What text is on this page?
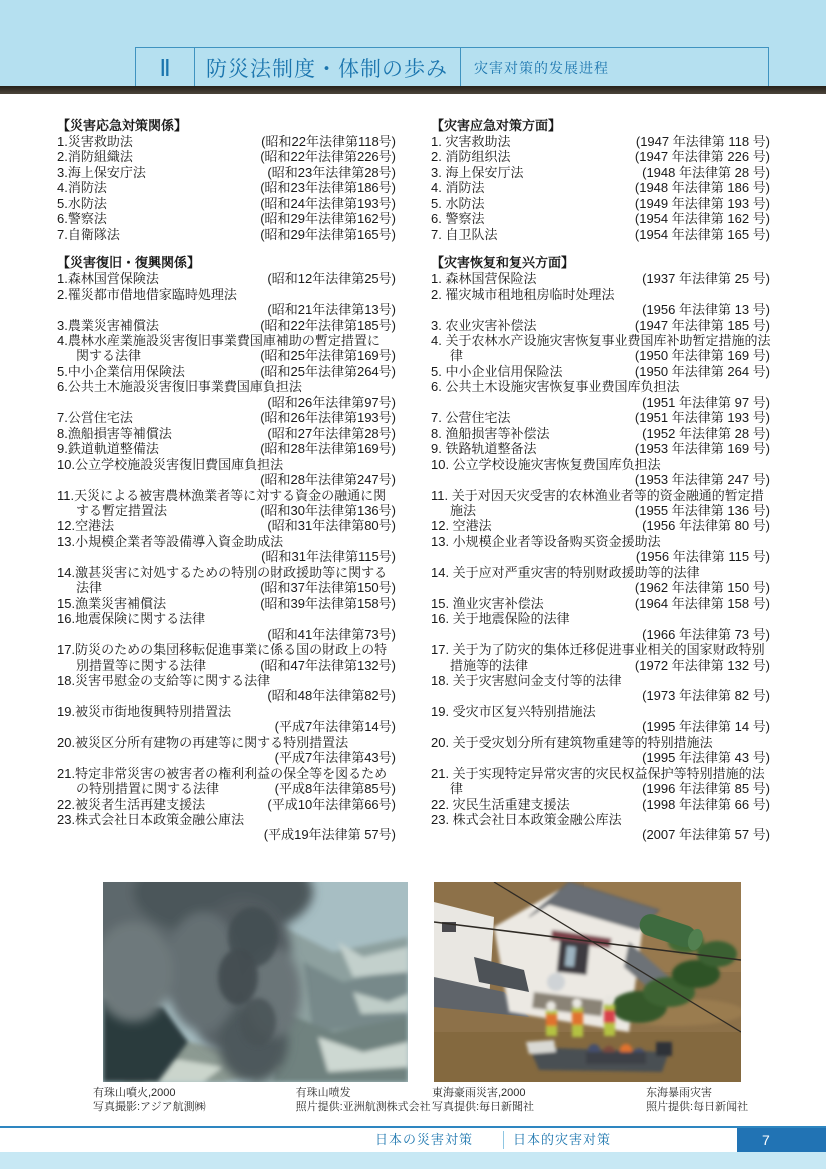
Ⅱ	防災法制度・体制の歩み	灾害对策的发展进程
【災害応急対策関係】
1.災害救助法	(昭和22年法律第118号)
2.消防組織法	(昭和22年法律第226号)
3.海上保安庁法	(昭和23年法律第28号)
4.消防法	(昭和23年法律第186号)
5.水防法	(昭和24年法律第193号)
6.警察法	(昭和29年法律第162号)
7.自衛隊法	(昭和29年法律第165号)
【災害復旧・復興関係】
1.森林国営保険法	(昭和12年法律第25号)
2.罹災都市借地借家臨時処理法
(昭和21年法律第13号)
3.農業災害補償法	(昭和22年法律第185号)
4.農林水産業施設災害復旧事業費国庫補助の暫定措置に
関する法律	(昭和25年法律第169号)
5.中小企業信用保険法	(昭和25年法律第264号)
6.公共土木施設災害復旧事業費国庫負担法
(昭和26年法律第97号)
7.公営住宅法	(昭和26年法律第193号)
8.漁船損害等補償法	(昭和27年法律第28号)
9.鉄道軌道整備法	(昭和28年法律第169号)
10.公立学校施設災害復旧費国庫負担法
(昭和28年法律第247号)
11.天災による被害農林漁業者等に対する資金の融通に関
する暫定措置法	(昭和30年法律第136号)
12.空港法	(昭和31年法律第80号)
13.小規模企業者等設備導入資金助成法
(昭和31年法律第115号)
14.激甚災害に対処するための特別の財政援助等に関する
法律	(昭和37年法律第150号)
15.漁業災害補償法	(昭和39年法律第158号)
16.地震保険に関する法律
(昭和41年法律第73号)
17.防災のための集団移転促進事業に係る国の財政上の特
別措置等に関する法律	(昭和47年法律第132号)
18.災害弔慰金の支給等に関する法律
(昭和48年法律第82号)
19.被災市街地復興特別措置法
(平成7年法律第14号)
20.被災区分所有建物の再建等に関する特別措置法
(平成7年法律第43号)
21.特定非常災害の被害者の権利利益の保全等を図るため
の特別措置に関する法律	(平成8年法律第85号)
22.被災者生活再建支援法	(平成10年法律第66号)
23.株式会社日本政策金融公庫法
(平成19年法律第 57号)
【灾害应急对策方面】
1. 灾害救助法	(1947 年法律第 118 号)
2. 消防组织法	(1947 年法律第 226 号)
3. 海上保安厅法	(1948 年法律第 28 号)
4. 消防法	(1948 年法律第 186 号)
5. 水防法	(1949 年法律第 193 号)
6. 警察法	(1954 年法律第 162 号)
7. 自卫队法	(1954 年法律第 165 号)
【灾害恢复和复兴方面】
1. 森林国营保险法	(1937 年法律第 25 号)
2. 罹灾城市租地租房临时处理法
(1956 年法律第 13 号)
3. 农业灾害补偿法	(1947 年法律第 185 号)
4. 关于农林水产设施灾害恢复事业费国库补助暂定措施的法
律	(1950 年法律第 169 号)
5. 中小企业信用保险法	(1950 年法律第 264 号)
6. 公共土木设施灾害恢复事业费国库负担法
(1951 年法律第 97 号)
7. 公营住宅法	(1951 年法律第 193 号)
8. 渔船损害等补偿法	(1952 年法律第 28 号)
9. 铁路轨道整备法	(1953 年法律第 169 号)
10. 公立学校设施灾害恢复费国库负担法
(1953 年法律第 247 号)
11. 关于对因天灾受害的农林渔业者等的资金融通的暂定措
施法	(1955 年法律第 136 号)
12. 空港法	(1956 年法律第 80 号)
13. 小规模企业者等设备购买资金援助法
(1956 年法律第 115 号)
14. 关于应对严重灾害的特别财政援助等的法律
(1962 年法律第 150 号)
15. 渔业灾害补偿法	(1964 年法律第 158 号)
16. 关于地震保险的法律
(1966 年法律第 73 号)
17. 关于为了防灾的集体迁移促进事业相关的国家财政特别
措施等的法律	(1972 年法律第 132 号)
18. 关于灾害慰问金支付等的法律
(1973 年法律第 82 号)
19. 受灾市区复兴特别措施法
(1995 年法律第 14 号)
20. 关于受灾划分所有建筑物重建等的特别措施法
(1995 年法律第 43 号)
21. 关于实现特定异常灾害的灾民权益保护等特别措施的法
律	(1996 年法律第 85 号)
22. 灾民生活重建支援法	(1998 年法律第 66 号)
23. 株式会社日本政策金融公库法
(2007 年法律第 57 号)
有珠山噴火,2000
写真撮影:アジア航測㈱
有珠山喷发
照片提供:亚洲航测株式会社
東海豪雨災害,2000
写真提供:毎日新聞社
东海暴雨灾害
照片提供:每日新闻社
日本の災害対策	日本的灾害对策	7
